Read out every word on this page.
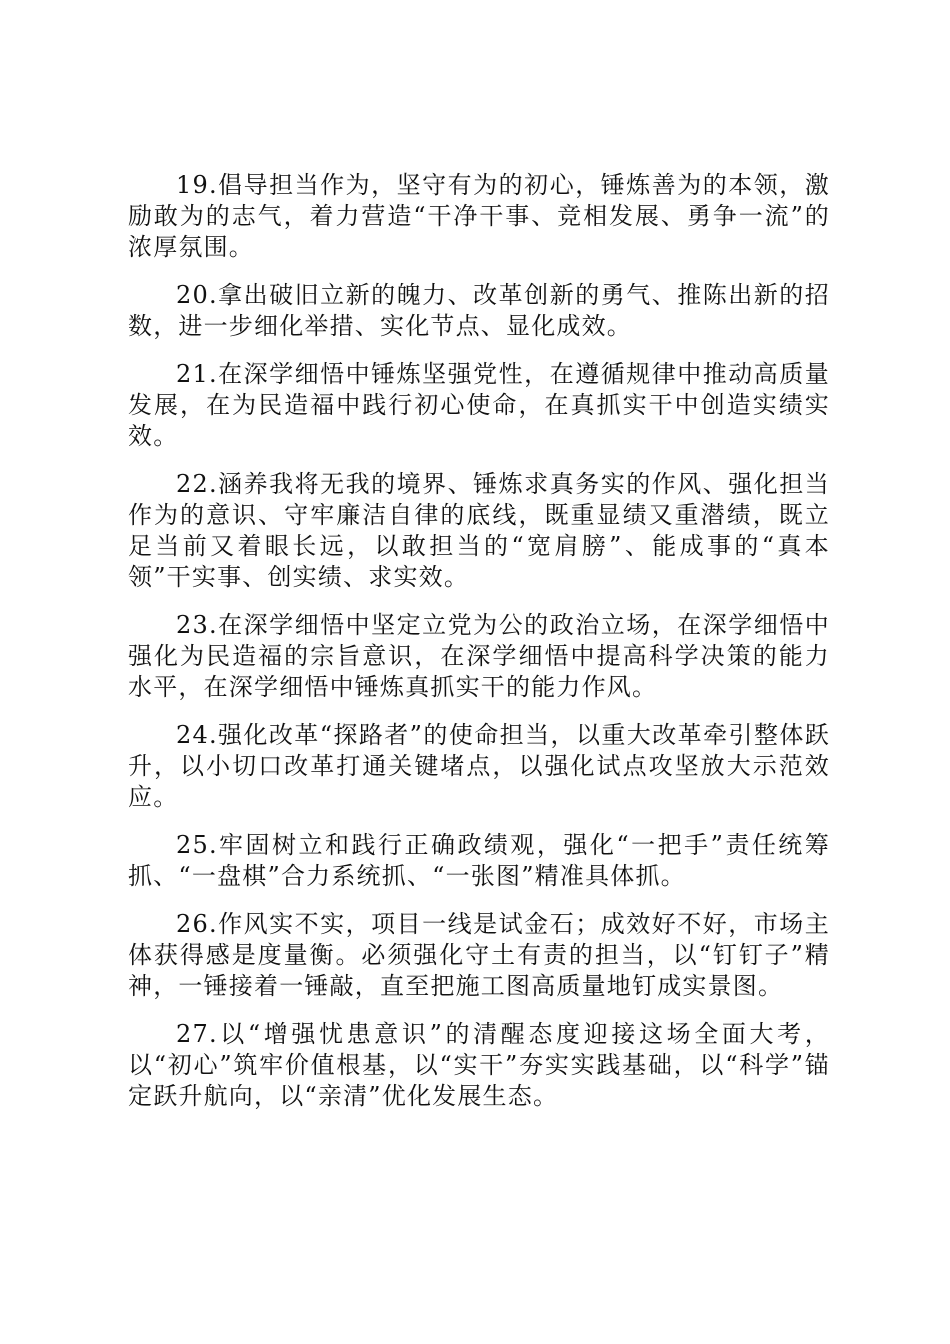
19.倡导担当作为，坚守有为的初心，锤炼善为的本领，激励敢为的志气，着力营造“干净干事、竞相发展、勇争一流”的浓厚氛围。

20.拿出破旧立新的魄力、改革创新的勇气、推陈出新的招数，进一步细化举措、实化节点、显化成效。

21.在深学细悟中锤炼坚强党性，在遵循规律中推动高质量发展，在为民造福中践行初心使命，在真抓实干中创造实绩实效。

22.涵养我将无我的境界、锤炼求真务实的作风、强化担当作为的意识、守牢廉洁自律的底线，既重显绩又重潜绩，既立足当前又着眼长远，以敢担当的“宽肩膀”、能成事的“真本领”干实事、创实绩、求实效。

23.在深学细悟中坚定立党为公的政治立场，在深学细悟中强化为民造福的宗旨意识，在深学细悟中提高科学决策的能力水平，在深学细悟中锤炼真抓实干的能力作风。

24.强化改革“探路者”的使命担当，以重大改革牵引整体跃升，以小切口改革打通关键堵点，以强化试点攻坚放大示范效应。

25.牢固树立和践行正确政绩观，强化“一把手”责任统筹抓、“一盘棋”合力系统抓、“一张图”精准具体抓。

26.作风实不实，项目一线是试金石；成效好不好，市场主体获得感是度量衡。必须强化守土有责的担当，以“钉钉子”精神，一锤接着一锤敲，直至把施工图高质量地钉成实景图。

27.以“增强忧患意识”的清醒态度迎接这场全面大考，以“初心”筑牢价值根基，以“实干”夯实实践基础，以“科学”锚定跃升航向，以“亲清”优化发展生态。
